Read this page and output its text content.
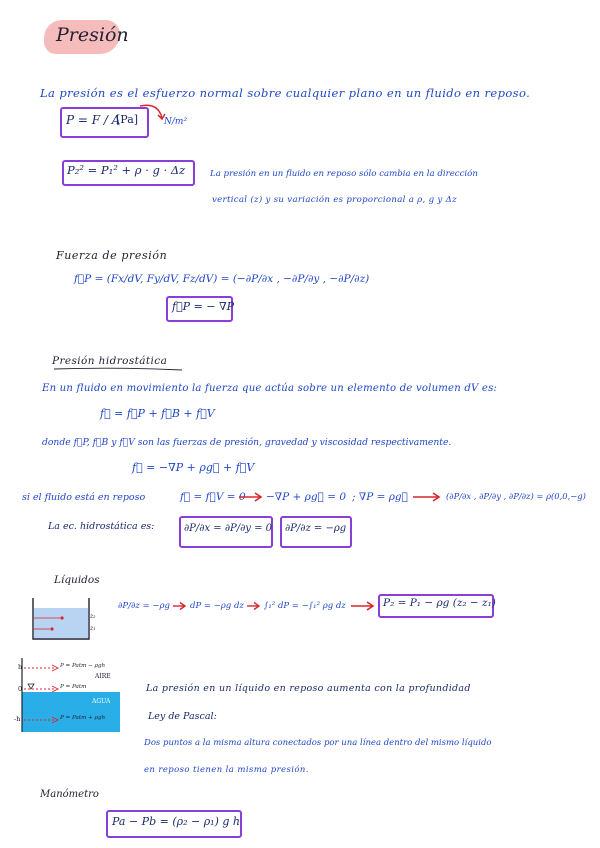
Presión
La presión es el esfuerzo normal sobre cualquier plano en un fluido en reposo.
P = F / A
[Pa]	N/m²
P₂² = P₁² + ρ · g · Δz	La presión en un fluido en reposo sólo cambia en la dirección
vertical (z) y su variación es proporcional a ρ, g y Δz
Fuerza de presión
f⃗P = (Fx/dV, Fy/dV, Fz/dV) = (−∂P/∂x , −∂P/∂y , −∂P/∂z)
f⃗P = − ∇P
Presión hidrostática
En un fluido en movimiento la fuerza que actúa sobre un elemento de volumen dV es:
f⃗ = f⃗P + f⃗B + f⃗V
donde f⃗P, f⃗B y f⃗V son las fuerzas de presión, gravedad y viscosidad respectivamente.
f⃗ = −∇P + ρg⃗ + f⃗V
si el fluido está en reposo	f⃗ = f⃗V = 0 −∇P + ρg⃗ = 0 ; ∇P = ρg⃗	(∂P/∂x , ∂P/∂y , ∂P/∂z) = ρ(0,0,−g)
La ec. hidrostática es:	∂P/∂x = ∂P/∂y = 0 ∂P/∂z = −ρg
Líquidos
z₂
z₁
∂P/∂z = −ρg dP = −ρg dz ∫₁² dP = −∫₁² ρg dz	P₂ = P₁ − ρg (z₂ − z₁)
h
0
-h
P = Patm − ρgh
P = Patm
P = Patm + ρgh
AIRE
AGUA
La presión en un líquido en reposo aumenta con la profundidad
Ley de Pascal:
Dos puntos a la misma altura conectados por una línea dentro del mismo líquido
en reposo tienen la misma presión.
Manómetro
Pa − Pb = (ρ₂ − ρ₁) g h
